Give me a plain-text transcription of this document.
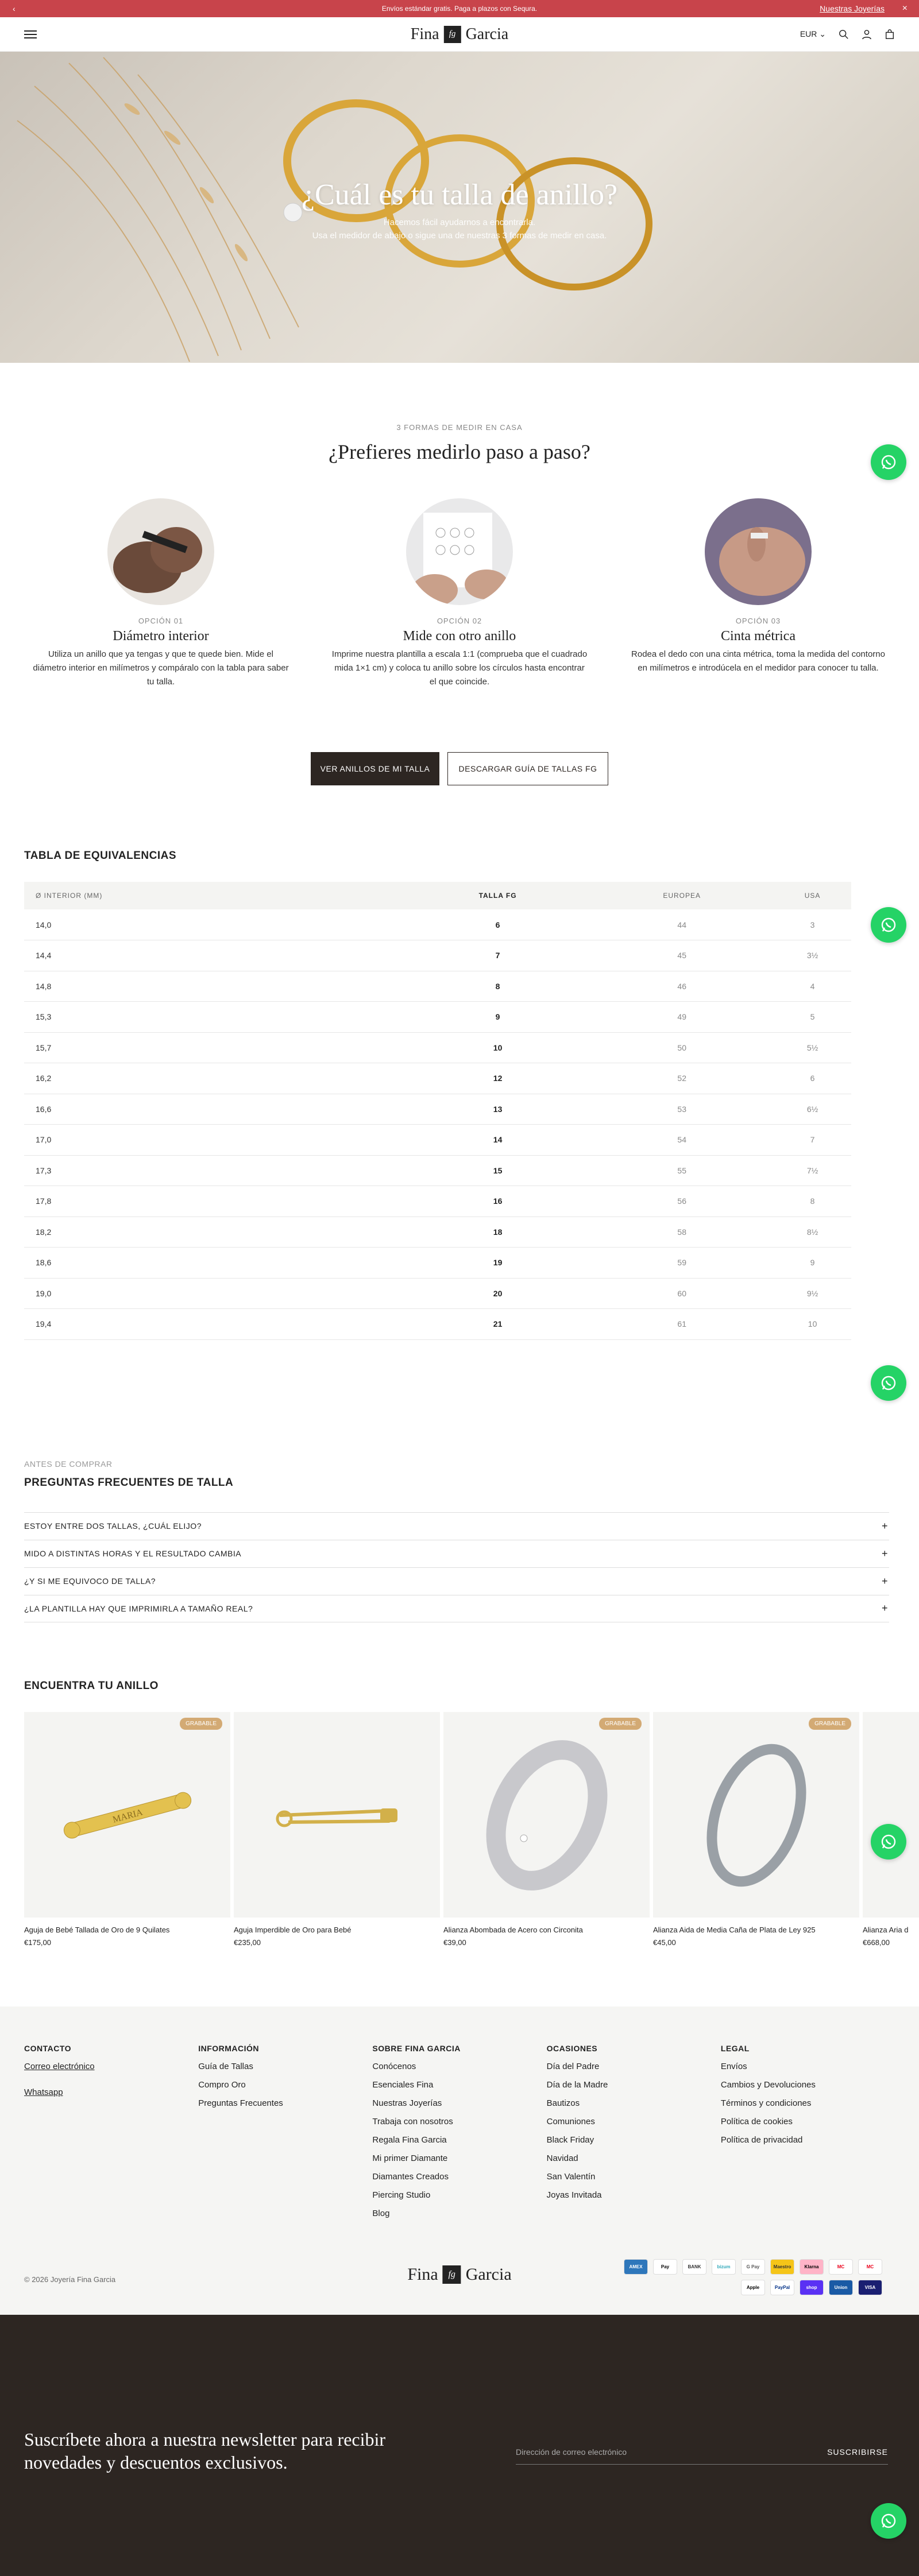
‹	Envíos estándar gratis. Paga a plazos con Sequra.	Nuestras Joyerías ×
Fina	fg Garcia	EUR ⌄
¿Cuál es tu talla de anillo?

Hacemos fácil ayudarnos a encontrarla.

Usa el medidor de abajo o sigue una de nuestras 3 formas de medir en casa.

3 FORMAS DE MEDIR EN CASA
¿Prefieres medirlo paso a paso?
OPCIÓN 01
Diámetro interior

Utiliza un anillo que ya tengas y que te quede bien. Mide el diámetro interior en milímetros y compáralo con la tabla para saber tu talla.

OPCIÓN 02
Mide con otro anillo

Imprime nuestra plantilla a escala 1:1 (comprueba que el cuadrado mida 1×1 cm) y coloca tu anillo sobre los círculos hasta encontrar el que coincide.

OPCIÓN 03
Cinta métrica

Rodea el dedo con una cinta métrica, toma la medida del contorno en milímetros e introdúcela en el medidor para conocer tu talla.

VER ANILLOS DE MI TALLA	DESCARGAR GUÍA DE TALLAS FG
TABLA DE EQUIVALENCIAS
Ø INTERIOR (MM)	TALLA FG	EUROPEA	USA
14,0	6	44	3
14,4	7	45	3½
14,8	8	46	4
15,3	9	49	5
15,7	10	50	5½
16,2	12	52	6
16,6	13	53	6½
17,0	14	54	7
17,3	15	55	7½
17,8	16	56	8
18,2	18	58	8½
18,6	19	59	9
19,0	20	60	9½
19,4	21	61	10
ANTES DE COMPRAR
PREGUNTAS FRECUENTES DE TALLA
ESTOY ENTRE DOS TALLAS, ¿CUÁL ELIJO?	+
MIDO A DISTINTAS HORAS Y EL RESULTADO CAMBIA	+
¿Y SI ME EQUIVOCO DE TALLA?	+
¿LA PLANTILLA HAY QUE IMPRIMIRLA A TAMAÑO REAL?	+
ENCUENTRA TU ANILLO
GRABABLE
MARIA
Aguja de Bebé Tallada de Oro de 9 Quilates
€175,00
Aguja Imperdible de Oro para Bebé
€235,00
GRABABLE
Alianza Abombada de Acero con Circonita
€39,00
GRABABLE
Alianza Aida de Media Caña de Plata de Ley 925
€45,00
Alianza Aria d
€668,00
CONTACTO
Correo electrónico
Whatsapp
INFORMACIÓN
Guía de Tallas
Compro Oro
Preguntas Frecuentes
SOBRE FINA GARCIA
Conócenos
Esenciales Fina
Nuestras Joyerías
Trabaja con nosotros
Regala Fina Garcia
Mi primer Diamante
Diamantes Creados
Piercing Studio
Blog
OCASIONES
Día del Padre
Día de la Madre
Bautizos
Comuniones
Black Friday
Navidad
San Valentín
Joyas Invitada
LEGAL
Envíos
Cambios y Devoluciones
Términos y condiciones
Política de cookies
Política de privacidad
© 2026 Joyería Fina Garcia	Fina	fg Garcia	AMEX	Pay	BANK	bizum	G Pay	Maestro	Klarna	MC	MC
Apple	PayPal	shop	Union	VISA
Suscríbete ahora a nuestra newsletter para recibir novedades y descuentos exclusivos.
Dirección de correo electrónico	SUSCRIBIRSE
